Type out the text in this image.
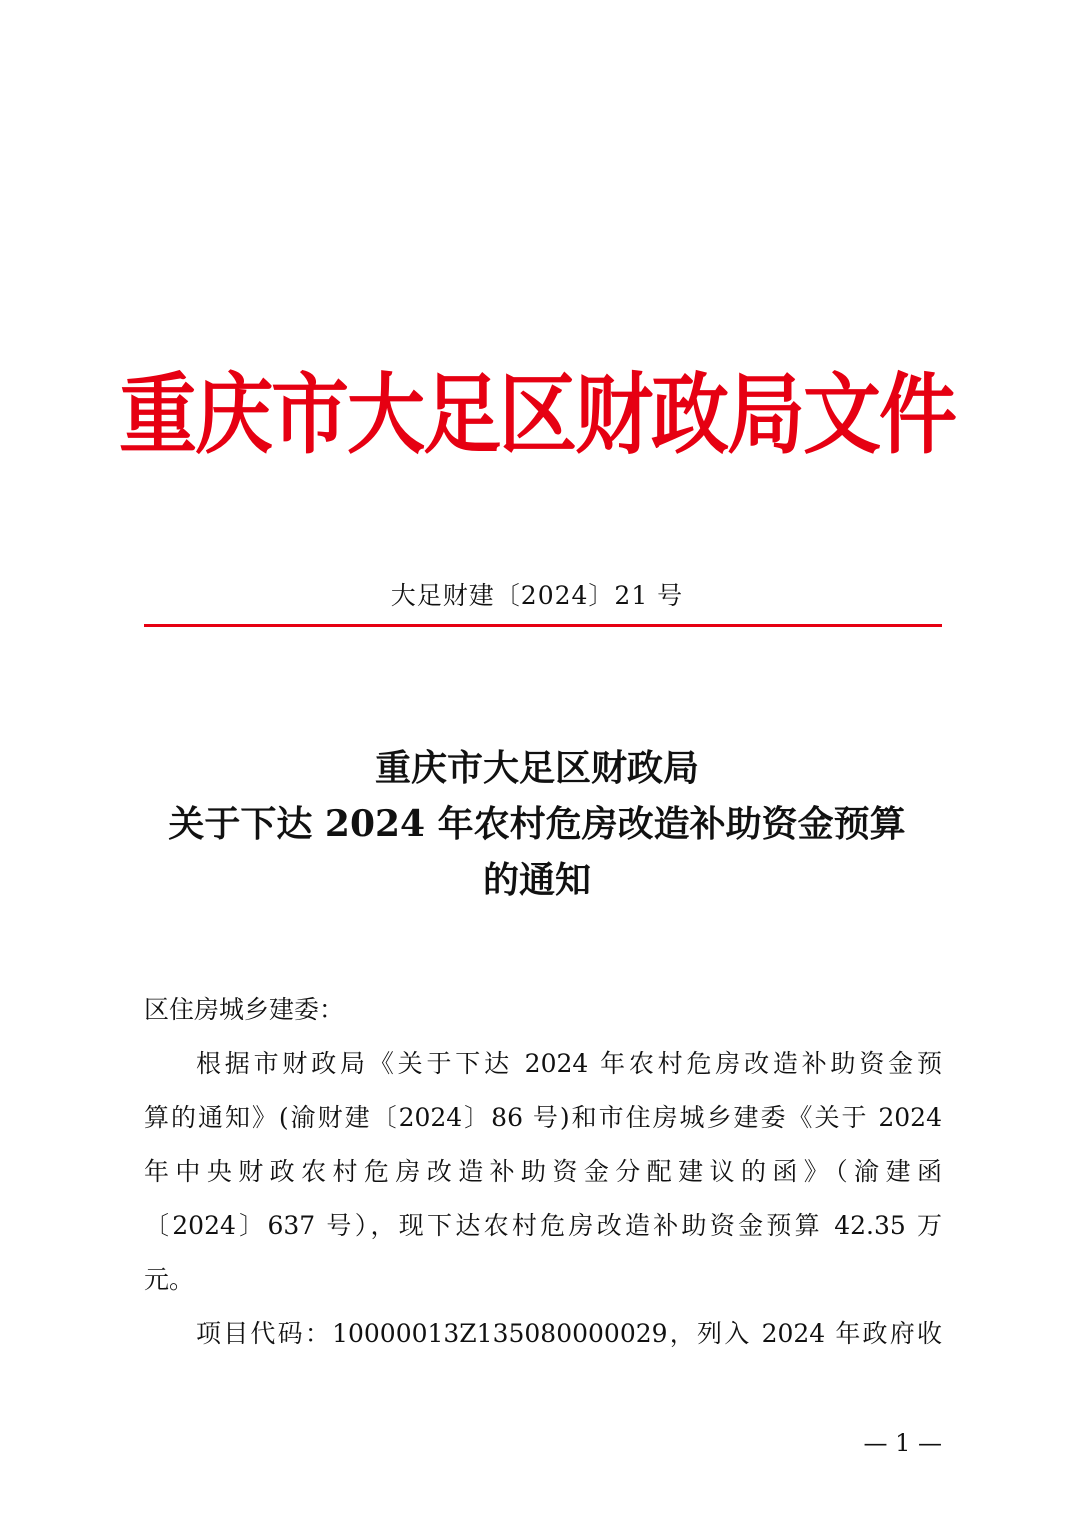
重庆市大足区财政局文件
大足财建〔2024〕21 号
重庆市大足区财政局
关于下达 2024 年农村危房改造补助资金预算
的通知
区住房城乡建委：
根据市财政局《关于下达 2024 年农村危房改造补助资金预
算的通知》(渝财建〔2024〕86 号)和市住房城乡建委《关于 2024
年中央财政农村危房改造补助资金分配建议的函》（渝建函
〔2024〕637 号），现下达农村危房改造补助资金预算 42.35 万
元。
项目代码：10000013Z135080000029，列入 2024 年政府收
— 1 —
